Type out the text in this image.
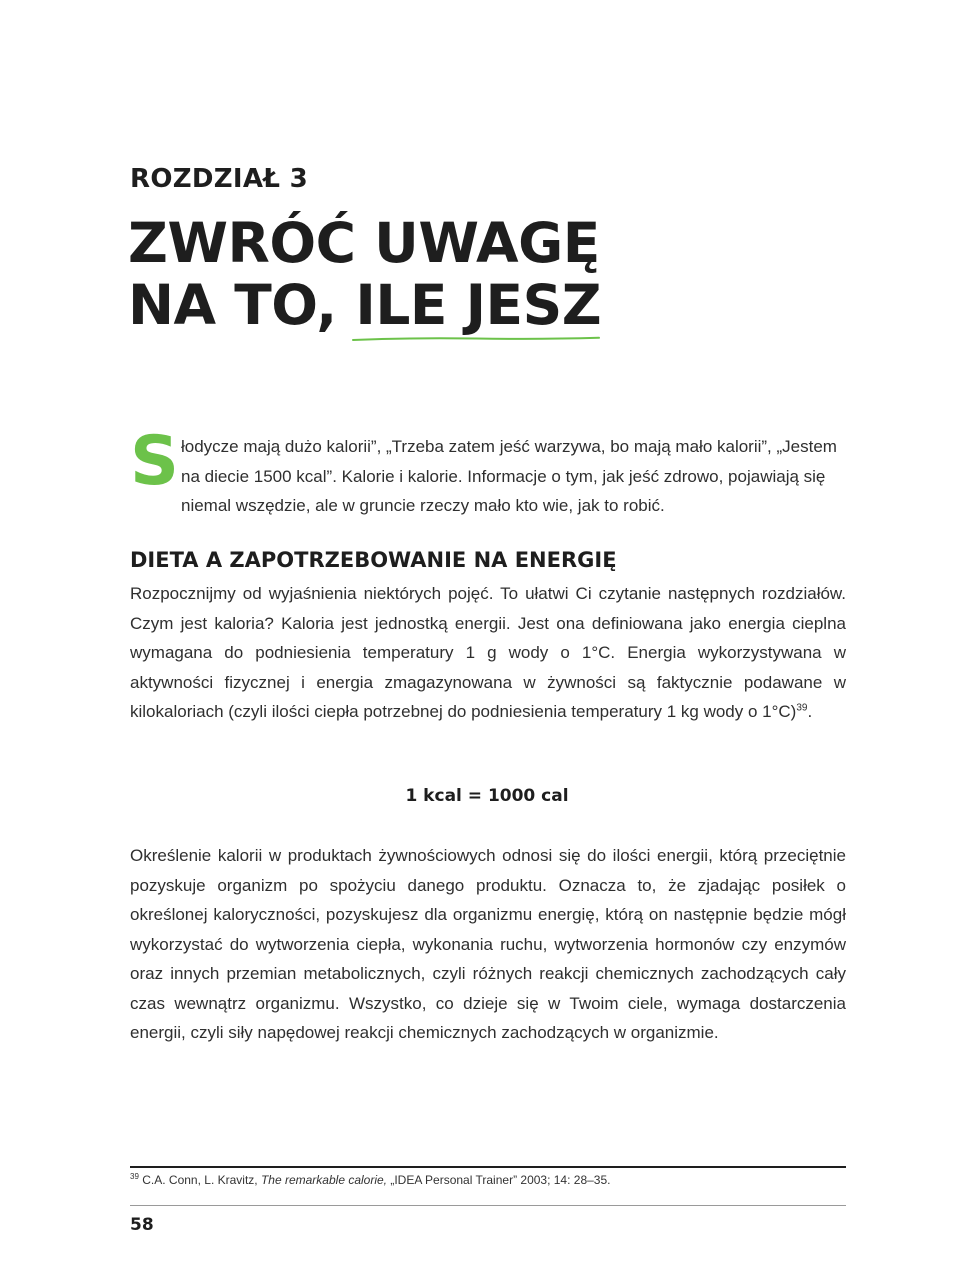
ROZDZIAŁ 3
ZWRÓĆ UWAGĘ
NA TO, ILE JESZ
Słodycze mają dużo kalorii”, „Trzeba zatem jeść warzywa, bo mają mało kalorii”, „Jestem na diecie 1500 kcal”. Kalorie i kalorie. Informacje o tym, jak jeść zdrowo, pojawiają się niemal wszędzie, ale w gruncie rzeczy mało kto wie, jak to robić.
DIETA A ZAPOTRZEBOWANIE NA ENERGIĘ
Rozpocznijmy od wyjaśnienia niektórych pojęć. To ułatwi Ci czytanie następnych rozdziałów. Czym jest kaloria? Kaloria jest jednostką energii. Jest ona definiowana jako energia cieplna wymagana do podniesienia temperatury 1 g wody o 1°C. Energia wykorzystywana w aktywności fizycznej i energia zmagazynowana w żywności są faktycznie podawane w kilokaloriach (czyli ilości ciepła potrzebnej do podniesienia temperatury 1 kg wody o 1°C)$^{39}$.
1 kcal = 1000 cal
Określenie kalorii w produktach żywnościowych odnosi się do ilości energii, którą przeciętnie pozyskuje organizm po spożyciu danego produktu. Oznacza to, że zjadając posiłek o określonej kaloryczności, pozyskujesz dla organizmu energię, którą on następnie będzie mógł wykorzystać do wytworzenia ciepła, wykonania ruchu, wytworzenia hormonów czy enzymów oraz innych przemian metabolicznych, czyli różnych reakcji chemicznych zachodzących cały czas wewnątrz organizmu. Wszystko, co dzieje się w Twoim ciele, wymaga dostarczenia energii, czyli siły napędowej reakcji chemicznych zachodzących w organizmie.
$^{39}$ C.A. Conn, L. Kravitz, The remarkable calorie, „IDEA Personal Trainer” 2003; 14: 28–35.
58
